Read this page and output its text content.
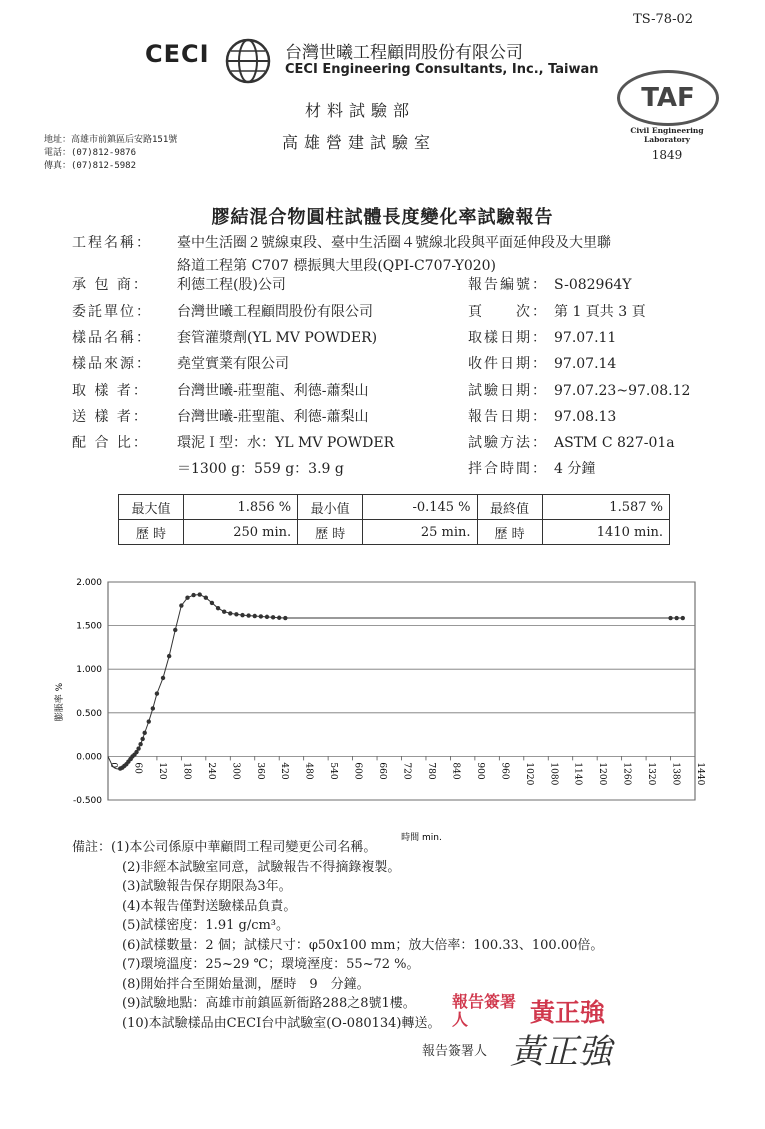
TS-78-02
CECI	台灣世曦工程顧問股份有限公司
CECI Engineering Consultants, Inc., Taiwan
材料試驗部
高雄營建試驗室
地址：高雄市前鎮區后安路151號
電話：(07)812-9876
傳真：(07)812-5982
TAF
Civil Engineering
Laboratory
1849
膠結混合物圓柱試體長度變化率試驗報告
工程名稱： 臺中生活圈２號線東段、臺中生活圈４號線北段與平面延伸段及大里聯
絡道工程第 C707 標振興大里段(QPI-C707-Y020)
承 包 商： 利德工程(股)公司
委託單位： 台灣世曦工程顧問股份有限公司
樣品名稱： 套管灌漿劑(YL MV POWDER)
樣品來源： 堯堂實業有限公司
取 樣 者： 台灣世曦-莊聖龍、利德-蕭梨山
送 樣 者： 台灣世曦-莊聖龍、利德-蕭梨山
配 合 比： 環泥Ｉ型：水：YL MV POWDER
＝1300 g：559 g：3.9 g
報告編號： S-082964Y
頁　　次： 第 1 頁共 3 頁
取樣日期： 97.07.11
收件日期： 97.07.14
試驗日期： 97.07.23~97.08.12
報告日期： 97.08.13
試驗方法： ASTM C 827-01a
拌合時間： 4 分鐘
最大值	1.856 %	最小值	-0.145 %	最終值	1.587 %
歷 時	250 min.	歷 時	25 min.	歷 時	1410 min.
2.000
1.500
1.000
0.500
0.000
-0.500
0 60 120 180 240 300 360 420 480 540 600 660 720 780 840 900 960 1020 1080 1140 1200 1260 1320 1380 1440
時間 min.
膨脹率 %
備註：(1)本公司係原中華顧問工程司變更公司名稱。
(2)非經本試驗室同意，試驗報告不得摘錄複製。
(3)試驗報告保存期限為3年。
(4)本報告僅對送驗樣品負責。
(5)試樣密度：1.91 g/cm³。
(6)試樣數量：2 個；試樣尺寸：φ50x100 mm；放大倍率：100.33、100.00倍。
(7)環境溫度：25~29 ℃；環境溼度：55~72 %。
(8)開始拌合至開始量測，歷時　9　分鐘。
(9)試驗地點：高雄市前鎮區新衙路288之8號1樓。
(10)本試驗樣品由CECI台中試驗室(O-080134)轉送。
報告簽署人	黃正強
報告簽署人 黃正強
